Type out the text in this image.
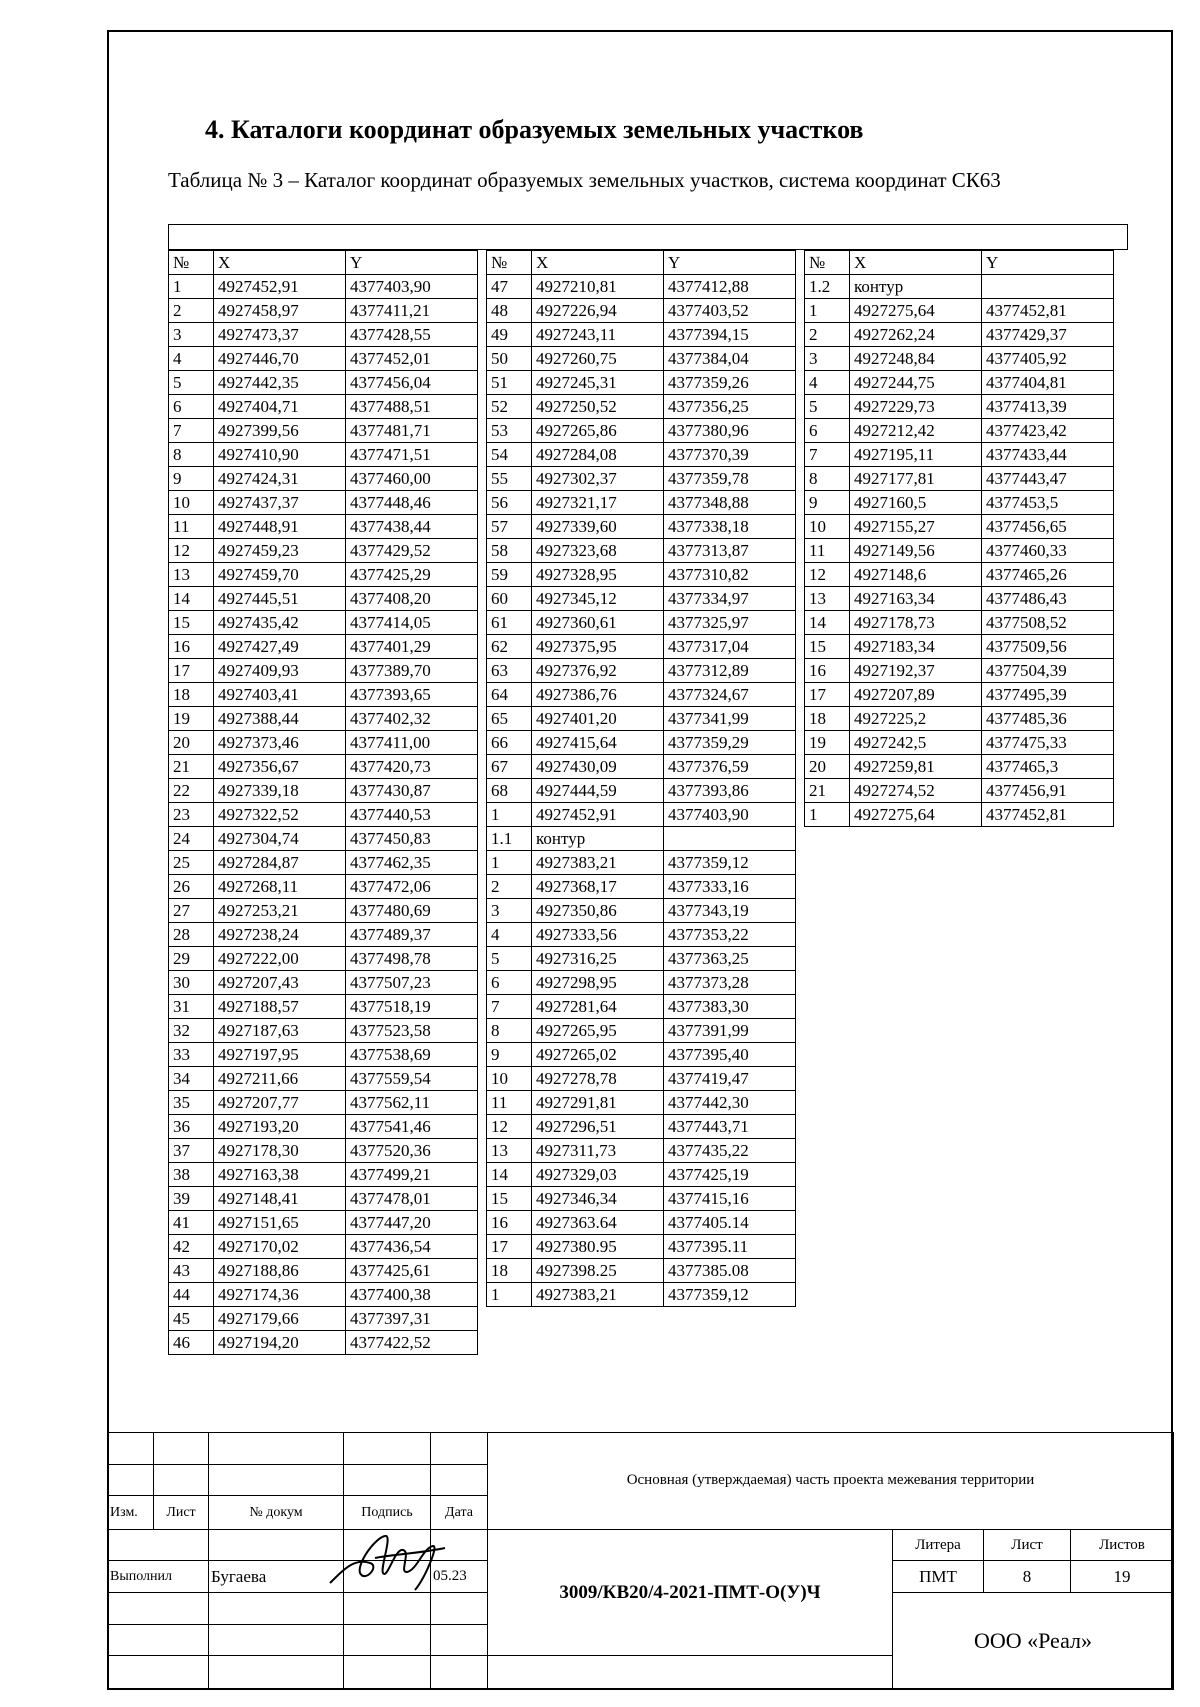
4. Каталоги координат образуемых земельных участков
Таблица № 3 – Каталог координат образуемых земельных участков, система координат СК63
№	X	Y
1	4927452,91	4377403,90
2	4927458,97	4377411,21
3	4927473,37	4377428,55
4	4927446,70	4377452,01
5	4927442,35	4377456,04
6	4927404,71	4377488,51
7	4927399,56	4377481,71
8	4927410,90	4377471,51
9	4927424,31	4377460,00
10	4927437,37	4377448,46
11	4927448,91	4377438,44
12	4927459,23	4377429,52
13	4927459,70	4377425,29
14	4927445,51	4377408,20
15	4927435,42	4377414,05
16	4927427,49	4377401,29
17	4927409,93	4377389,70
18	4927403,41	4377393,65
19	4927388,44	4377402,32
20	4927373,46	4377411,00
21	4927356,67	4377420,73
22	4927339,18	4377430,87
23	4927322,52	4377440,53
24	4927304,74	4377450,83
25	4927284,87	4377462,35
26	4927268,11	4377472,06
27	4927253,21	4377480,69
28	4927238,24	4377489,37
29	4927222,00	4377498,78
30	4927207,43	4377507,23
31	4927188,57	4377518,19
32	4927187,63	4377523,58
33	4927197,95	4377538,69
34	4927211,66	4377559,54
35	4927207,77	4377562,11
36	4927193,20	4377541,46
37	4927178,30	4377520,36
38	4927163,38	4377499,21
39	4927148,41	4377478,01
41	4927151,65	4377447,20
42	4927170,02	4377436,54
43	4927188,86	4377425,61
44	4927174,36	4377400,38
45	4927179,66	4377397,31
46	4927194,20	4377422,52
№	X	Y
47	4927210,81	4377412,88
48	4927226,94	4377403,52
49	4927243,11	4377394,15
50	4927260,75	4377384,04
51	4927245,31	4377359,26
52	4927250,52	4377356,25
53	4927265,86	4377380,96
54	4927284,08	4377370,39
55	4927302,37	4377359,78
56	4927321,17	4377348,88
57	4927339,60	4377338,18
58	4927323,68	4377313,87
59	4927328,95	4377310,82
60	4927345,12	4377334,97
61	4927360,61	4377325,97
62	4927375,95	4377317,04
63	4927376,92	4377312,89
64	4927386,76	4377324,67
65	4927401,20	4377341,99
66	4927415,64	4377359,29
67	4927430,09	4377376,59
68	4927444,59	4377393,86
1	4927452,91	4377403,90
1.1	контур	
1	4927383,21	4377359,12
2	4927368,17	4377333,16
3	4927350,86	4377343,19
4	4927333,56	4377353,22
5	4927316,25	4377363,25
6	4927298,95	4377373,28
7	4927281,64	4377383,30
8	4927265,95	4377391,99
9	4927265,02	4377395,40
10	4927278,78	4377419,47
11	4927291,81	4377442,30
12	4927296,51	4377443,71
13	4927311,73	4377435,22
14	4927329,03	4377425,19
15	4927346,34	4377415,16
16	4927363.64	4377405.14
17	4927380.95	4377395.11
18	4927398.25	4377385.08
1	4927383,21	4377359,12
№	X	Y
1.2	контур	
1	4927275,64	4377452,81
2	4927262,24	4377429,37
3	4927248,84	4377405,92
4	4927244,75	4377404,81
5	4927229,73	4377413,39
6	4927212,42	4377423,42
7	4927195,11	4377433,44
8	4927177,81	4377443,47
9	4927160,5	4377453,5
10	4927155,27	4377456,65
11	4927149,56	4377460,33
12	4927148,6	4377465,26
13	4927163,34	4377486,43
14	4927178,73	4377508,52
15	4927183,34	4377509,56
16	4927192,37	4377504,39
17	4927207,89	4377495,39
18	4927225,2	4377485,36
19	4927242,5	4377475,33
20	4927259,81	4377465,3
21	4927274,52	4377456,91
1	4927275,64	4377452,81
					Основная (утверждаемая) часть проекта межевания территории			

Изм.	Лист	№ докум	Подпись	Дата				
					3009/КВ20/4-2021-ПМТ-О(У)Ч	Литера	Лист	Листов
Выполнил		Бугаева		05.23		ПМТ	8	19
						ООО «Реал»		
